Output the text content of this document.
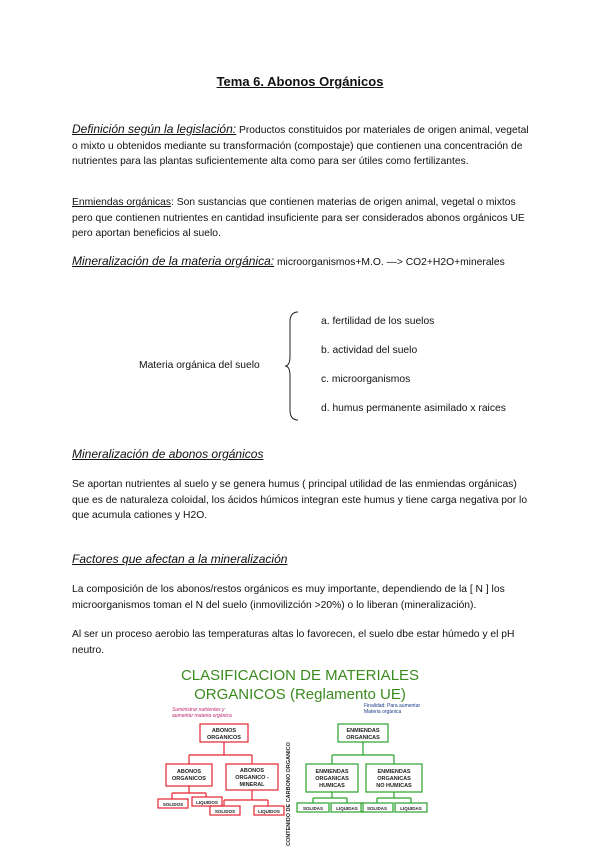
Tema 6. Abonos Orgánicos
Definición según la legislación: Productos constituidos por materiales de origen animal, vegetal o mixto u obtenidos mediante su transformación (compostaje) que contienen una concentración de nutrientes para las plantas suficientemente alta como para ser útiles como fertilizantes.
Enmiendas orgánicas: Son sustancias que contienen materias de origen animal, vegetal o mixtos pero que contienen nutrientes en cantidad insuficiente para ser considerados abonos orgánicos UE pero aportan beneficios al suelo.
Mineralización de la materia orgánica: microorganismos+M.O. —> CO2+H2O+minerales
Materia orgánica del suelo
a. fertilidad de los suelos
b. actividad del suelo
c. microorganismos
d. humus permanente asimilado x raices
Mineralización de abonos orgánicos
Se aportan nutrientes al suelo y se genera humus ( principal utilidad de las enmiendas orgánicas) que es de naturaleza coloidal, los ácidos húmicos integran este humus y tiene carga negativa por lo que acumula cationes y H2O.
Factores que afectan a la mineralización
La composición de los abonos/restos orgánicos es muy importante, dependiendo de la [ N ] los microorganismos toman el N del suelo (inmovilizción >20%) o lo liberan (mineralización).
Al ser un proceso aerobio las temperaturas altas lo favorecen, el suelo dbe estar húmedo y el pH neutro.
CLASIFICACION DE MATERIALES
ORGANICOS (Reglamento UE)
Suministrar nutrientes y
aumentar materia orgánica
Finalidad: Para aumentar
Materia orgánica
CONTENIDO DE CARBONO ORGANICO
ABONOS
ORGANICOS
ABONOS
ORGANICOS
ABONOS
ORGANICO -
MINERAL
SOLIDOS	LIQUIDOS
SOLIDOS	LIQUIDOS
ENMIENDAS
ORGANICAS
ENMIENDAS
ORGANICAS
HUMICAS
ENMIENDAS
ORGANICAS
NO HUMICAS
SOLIDAS	LIQUIDAS SOLIDAS	LIQUIDAS
